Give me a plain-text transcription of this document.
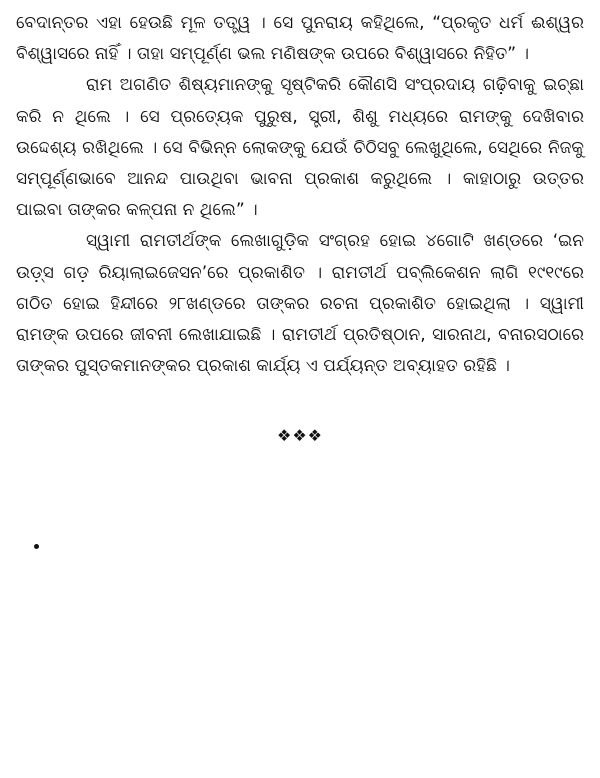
ବେଦାନ୍ତର ଏହା ହେଉଛି ମୂଳ ତତ୍ତ୍ୱ । ସେ ପୁନରାୟ କହିଥିଲେ, “ପ୍ରକୃତ ଧର୍ମ ଈଶ୍ୱର ବିଶ୍ୱାସରେ ନାହିଁ । ତାହା ସମ୍ପୂର୍ଣ୍ଣ ଭଲ ମଣିଷଙ୍କ ଉପରେ ବିଶ୍ୱାସରେ ନିହିତ” ।

ରାମ ଅଗଣିତ ଶିଷ୍ୟମାନଙ୍କୁ ସୃଷ୍ଟିକରି କୌଣସି ସଂପ୍ରଦାୟ ଗଢ଼ିବାକୁ ଇଚ୍ଛା କରି ନ ଥିଲେ । ସେ ପ୍ରତ୍ୟେକ ପୁରୁଷ, ସ୍ତ୍ରୀ, ଶିଶୁ ମଧ୍ୟରେ ରାମଙ୍କୁ ଦେଖିବାର ଉଦ୍ଦେଶ୍ୟ ରଖିଥିଲେ । ସେ ବିଭିନ୍ନ ଲୋକଙ୍କୁ ଯେଉଁ ଚିଠିସବୁ ଲେଖୁଥିଲେ, ସେଥିରେ ନିଜକୁ ସମ୍ପୂର୍ଣ୍ଣଭାବେ ଆନନ୍ଦ ପାଉଥିବା ଭାବନା ପ୍ରକାଶ କରୁଥିଲେ । କାହାଠାରୁ ଉତ୍ତର ପାଇବା ତାଙ୍କର କଳ୍ପନା ନ ଥିଲେ” ।

ସ୍ୱାମୀ ରାମତୀର୍ଥଙ୍କ ଲେଖାଗୁଡ଼ିକ ସଂଗ୍ରହ ହୋଇ ୪ଗୋଟି ଖଣ୍ଡରେ ‘ଇନ ଉଡ଼୍ସ ଗଡ଼ ରିୟାଲାଇଜେସନ’ରେ ପ୍ରକାଶିତ । ରାମତୀର୍ଥ ପବ୍ଲିକେଶନ ଲାଗି ୧୯୧୯ରେ ଗଠିତ ହୋଇ ହିନ୍ଦୀରେ ୨୮ଖଣ୍ଡରେ ତାଙ୍କର ରଚନା ପ୍ରକାଶିତ ହୋଇଥିଲା । ସ୍ୱାମୀ ରାମଙ୍କ ଉପରେ ଜୀବନୀ ଲେଖାଯାଇଛି । ରାମତୀର୍ଥ ପ୍ରତିଷ୍ଠାନ, ସାରନାଥ, ବନାରସଠାରେ ତାଙ୍କର ପୁସ୍ତକମାନଙ୍କର ପ୍ରକାଶ କାର୍ଯ୍ୟ ଏ ପର୍ଯ୍ୟନ୍ତ ଅବ୍ୟାହତ ରହିଛି ।

❖❖❖
